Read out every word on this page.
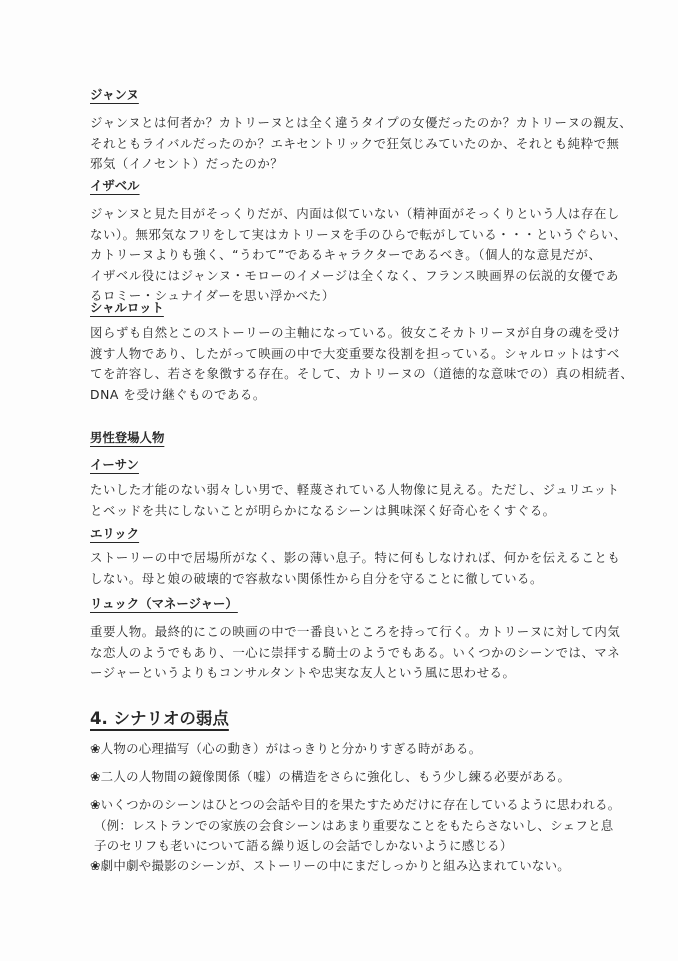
ジャンヌ
ジャンヌとは何者か？カトリーヌとは全く違うタイプの女優だったのか？カトリーヌの親友、
それともライバルだったのか？エキセントリックで狂気じみていたのか、それとも純粋で無
邪気（イノセント）だったのか？
イザベル
ジャンヌと見た目がそっくりだが、内面は似ていない（精神面がそっくりという人は存在し
ない）。無邪気なフリをして実はカトリーヌを手のひらで転がしている・・・というぐらい、
カトリーヌよりも強く、“うわて”であるキャラクターであるべき。（個人的な意見だが、
イザベル役にはジャンヌ・モローのイメージは全くなく、フランス映画界の伝説的女優であ
るロミー・シュナイダーを思い浮かべた）
シャルロット
図らずも自然とこのストーリーの主軸になっている。彼女こそカトリーヌが自身の魂を受け
渡す人物であり、したがって映画の中で大変重要な役割を担っている。シャルロットはすべ
てを許容し、若さを象徴する存在。そして、カトリーヌの（道徳的な意味での）真の相続者、
DNA を受け継ぐものである。
男性登場人物
イーサン
たいした才能のない弱々しい男で、軽蔑されている人物像に見える。ただし、ジュリエット
とベッドを共にしないことが明らかになるシーンは興味深く好奇心をくすぐる。
エリック
ストーリーの中で居場所がなく、影の薄い息子。特に何もしなければ、何かを伝えることも
しない。母と娘の破壊的で容赦ない関係性から自分を守ることに徹している。
リュック（マネージャー）
重要人物。最終的にこの映画の中で一番良いところを持って行く。カトリーヌに対して内気
な恋人のようでもあり、一心に崇拝する騎士のようでもある。いくつかのシーンでは、マネ
ージャーというよりもコンサルタントや忠実な友人という風に思わせる。
4. シナリオの弱点
❀人物の心理描写（心の動き）がはっきりと分かりすぎる時がある。
❀二人の人物間の鏡像関係（嘘）の構造をさらに強化し、もう少し練る必要がある。
❀いくつかのシーンはひとつの会話や目的を果たすためだけに存在しているように思われる。
（例：レストランでの家族の会食シーンはあまり重要なことをもたらさないし、シェフと息
子のセリフも老いについて語る繰り返しの会話でしかないように感じる）
❀劇中劇や撮影のシーンが、ストーリーの中にまだしっかりと組み込まれていない。
